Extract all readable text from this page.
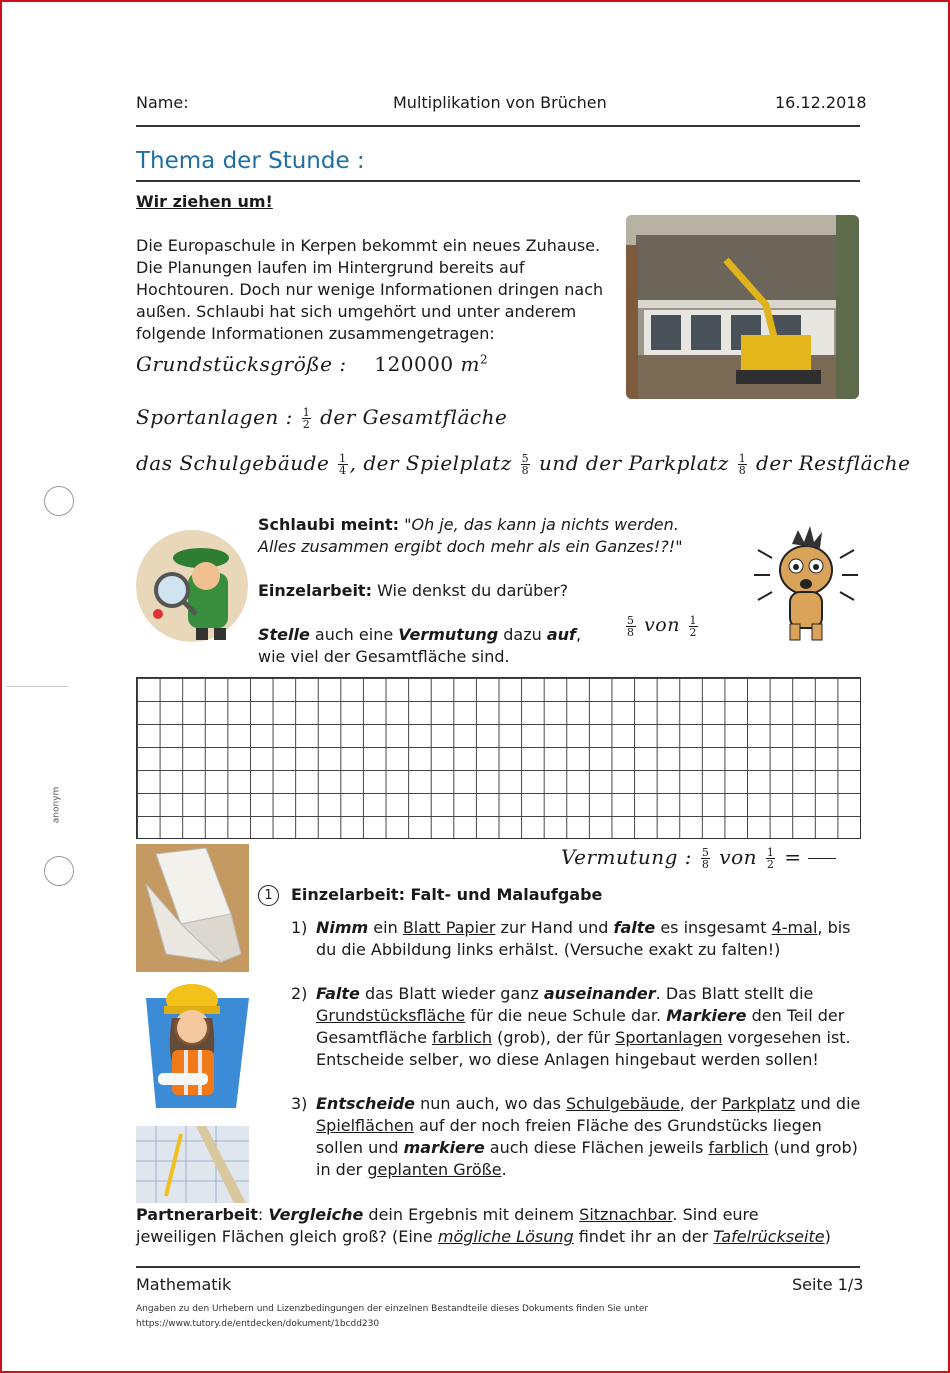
anonym
Name:	Multiplikation von Brüchen	16.12.2018
Thema der Stunde :
Wir ziehen um!
Die Europaschule in Kerpen bekommt ein neues Zuhause. Die Planungen laufen im Hintergrund bereits auf Hochtouren. Doch nur wenige Informationen dringen nach außen. Schlaubi hat sich umgehört und unter anderem folgende Informationen zusammengetragen:
Grundstücksgröße : 120000 $m^2$
Sportanlagen : $\frac{1}{2}$ der Gesamtfläche
das Schulgebäude $\frac{1}{4}$ , der Spielplatz $\frac{5}{8}$ und der Parkplatz $\frac{1}{8}$ der Restfläche
Schlaubi meint: "Oh je, das kann ja nichts werden. Alles zusammen ergibt doch mehr als ein Ganzes!?!"
Einzelarbeit: Wie denkst du darüber?
Stelle auch eine Vermutung dazu auf, wie viel der Gesamtfläche sind.
$\frac{5}{8}$ von $\frac{1}{2}$
Vermutung : $\frac{5}{8}$ von $\frac{1}{2}$ =
1	Einzelarbeit: Falt- und Malaufgabe
1) Nimm ein Blatt Papier zur Hand und falte es insgesamt 4-mal, bis du die Abbildung links erhälst. (Versuche exakt zu falten!)
2) Falte das Blatt wieder ganz auseinander. Das Blatt stellt die Grundstücksfläche für die neue Schule dar. Markiere den Teil der Gesamtfläche farblich (grob), der für Sportanlagen vorgesehen ist. Entscheide selber, wo diese Anlagen hingebaut werden sollen!
3) Entscheide nun auch, wo das Schulgebäude, der Parkplatz und die Spielflächen auf der noch freien Fläche des Grundstücks liegen sollen und markiere auch diese Flächen jeweils farblich (und grob) in der geplanten Größe.
Partnerarbeit: Vergleiche dein Ergebnis mit deinem Sitznachbar. Sind eure jeweiligen Flächen gleich groß? (Eine mögliche Lösung findet ihr an der Tafelrückseite)
Mathematik	Seite 1/3
Angaben zu den Urhebern und Lizenzbedingungen der einzelnen Bestandteile dieses Dokuments finden Sie unter
https://www.tutory.de/entdecken/dokument/1bcdd230
